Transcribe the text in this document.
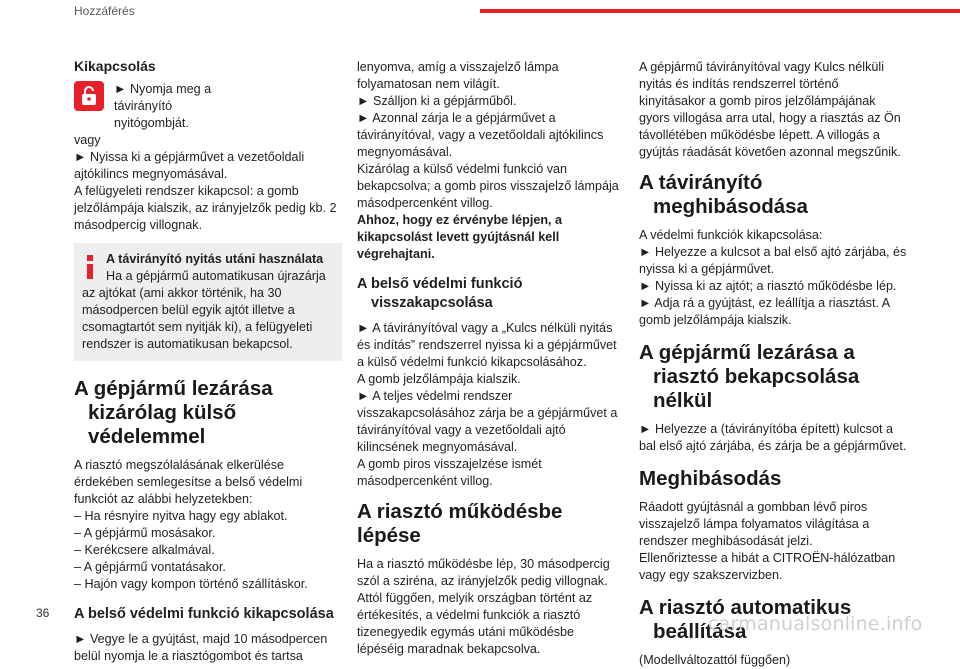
Hozzáférés

Kikapcsolás

► Nyomja meg a távirányító nyitógombját.

vagy

► Nyissa ki a gépjárművet a vezetőoldali ajtókilincs megnyomásával.

A felügyeleti rendszer kikapcsol: a gomb jelzőlámpája kialszik, az irányjelzők pedig kb. 2 másodpercig villognak.

A távirányító nyitás utáni használata

Ha a gépjármű automatikusan újrazárja az ajtókat (ami akkor történik, ha 30 másodpercen belül egyik ajtót illetve a csomagtartót sem nyitják ki), a felügyeleti rendszer is automatikusan bekapcsol.

A gépjármű lezárása
kizárólag külső védelemmel

A riasztó megszólalásának elkerülése érdekében semlegesítse a belső védelmi funkciót az alábbi helyzetekben:

– Ha résnyire nyitva hagy egy ablakot.

– A gépjármű mosásakor.

– Kerékcsere alkalmával.

– A gépjármű vontatásakor.

– Hajón vagy kompon történő szállításkor.

A belső védelmi funkció kikapcsolása

► Vegye le a gyújtást, majd 10 másodpercen belül nyomja le a riasztógombot és tartsa

lenyomva, amíg a visszajelző lámpa folyamatosan nem világít.

► Szálljon ki a gépjárműből.

► Azonnal zárja le a gépjárművet a távirányítóval, vagy a vezetőoldali ajtókilincs megnyomásával.

Kizárólag a külső védelmi funkció van bekapcsolva; a gomb piros visszajelző lámpája másodpercenként villog.

Ahhoz, hogy ez érvénybe lépjen, a kikapcsolást levett gyújtásnál kell végrehajtani.

A belső védelmi funkció
visszakapcsolása

► A távirányítóval vagy a „Kulcs nélküli nyitás és indítás” rendszerrel nyissa ki a gépjárművet a külső védelmi funkció kikapcsolásához.

A gomb jelzőlámpája kialszik.

► A teljes védelmi rendszer visszakapcsolásához zárja be a gépjárművet a távirányítóval vagy a vezetőoldali ajtó kilincsének megnyomásával.

A gomb piros visszajelzése ismét másodpercenként villog.

A riasztó működésbe lépése

Ha a riasztó működésbe lép, 30 másodpercig szól a sziréna, az irányjelzők pedig villognak. Attól függően, melyik országban történt az értékesítés, a védelmi funkciók a riasztó tizenegyedik egymás utáni működésbe lépéséig maradnak bekapcsolva.

A gépjármű távirányítóval vagy Kulcs nélküli nyitás és indítás rendszerrel történő kinyitásakor a gomb piros jelzőlámpájának gyors villogása arra utal, hogy a riasztás az Ön távollétében működésbe lépett. A villogás a gyújtás ráadását követően azonnal megszűnik.

A távirányító
meghibásodása

A védelmi funkciók kikapcsolása:

► Helyezze a kulcsot a bal első ajtó zárjába, és nyissa ki a gépjárművet.

► Nyissa ki az ajtót; a riasztó működésbe lép.

► Adja rá a gyújtást, ez leállítja a riasztást. A gomb jelzőlámpája kialszik.

A gépjármű lezárása a
riasztó bekapcsolása nélkül

► Helyezze a (távirányítóba épített) kulcsot a bal első ajtó zárjába, és zárja be a gépjárművet.

Meghibásodás

Ráadott gyújtásnál a gombban lévő piros visszajelző lámpa folyamatos világítása a rendszer meghibásodását jelzi.

Ellenőriztesse a hibát a CITROËN-hálózatban vagy egy szakszervizben.

A riasztó automatikus
beállítása

(Modellváltozattól függően)

36	carmanualsonline.info
